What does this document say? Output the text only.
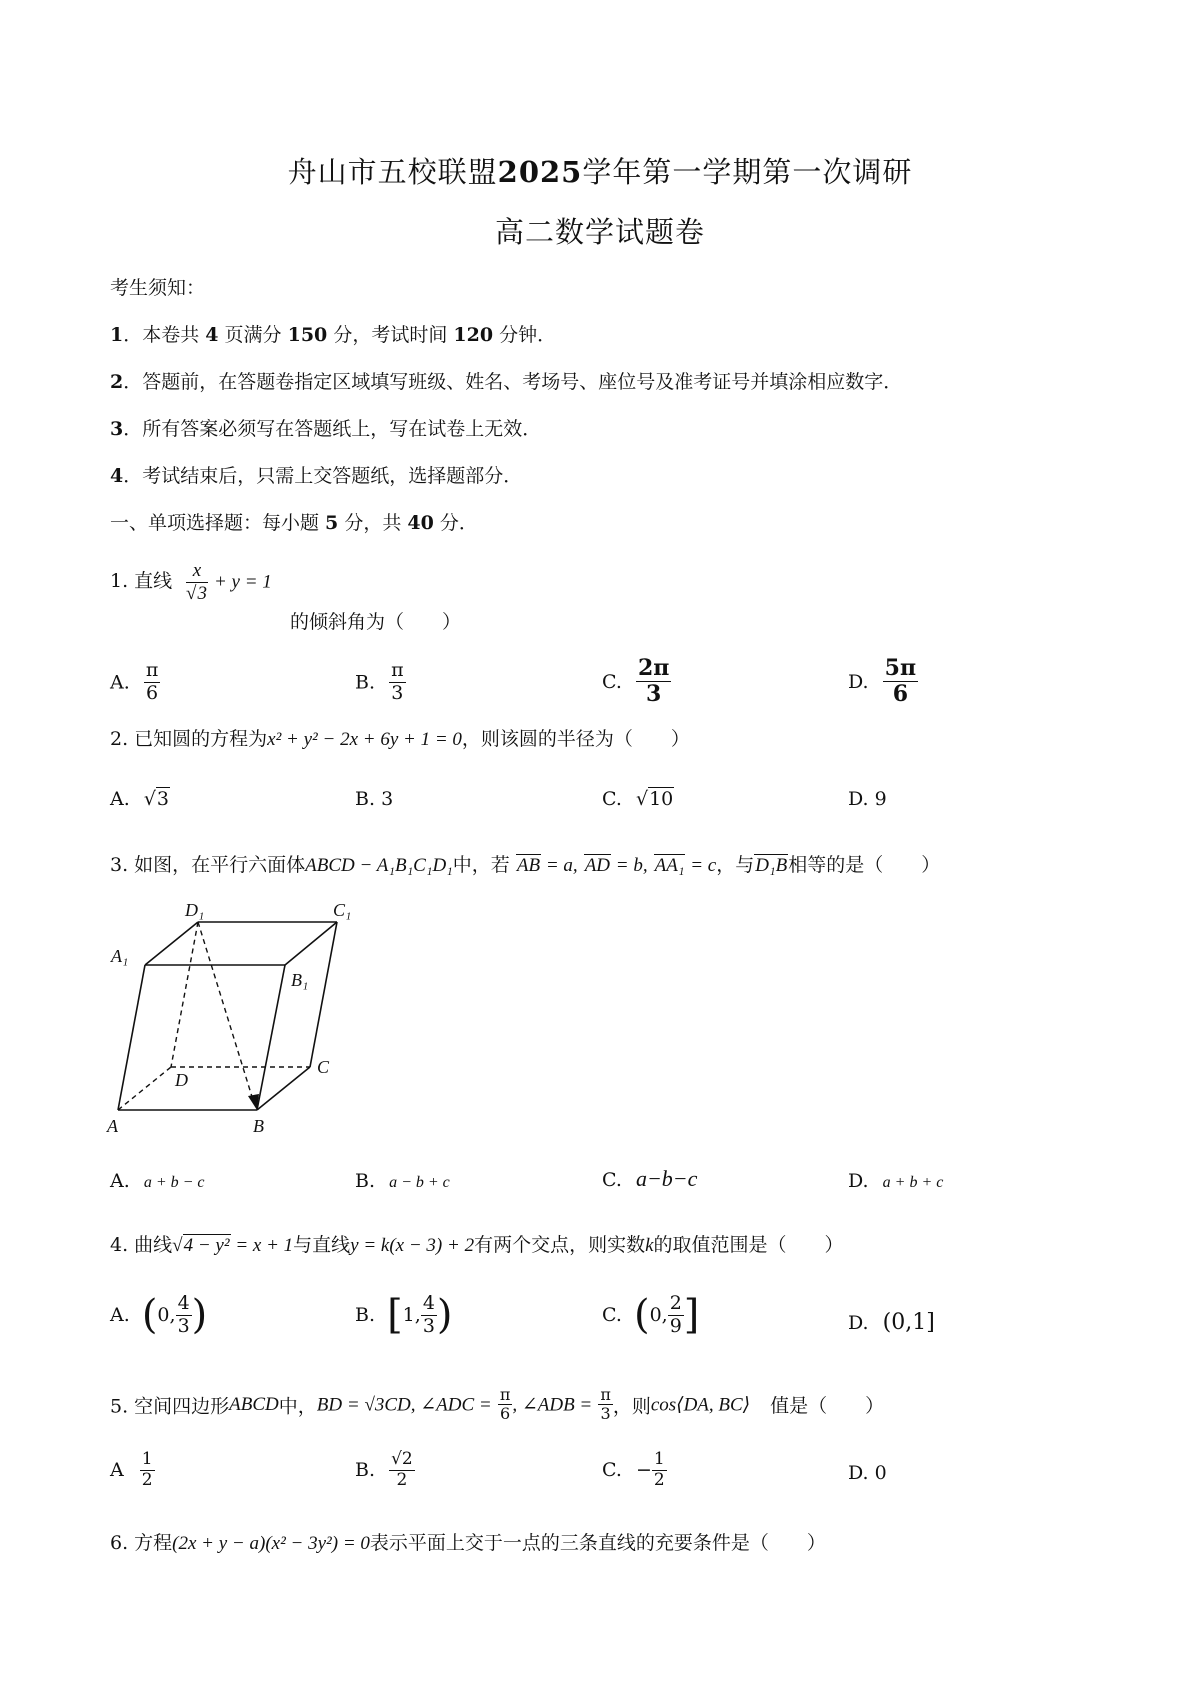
舟山市五校联盟2025学年第一学期第一次调研
高二数学试题卷
考生须知：
1．本卷共 4 页满分 150 分，考试时间 120 分钟．
2．答题前，在答题卷指定区域填写班级、姓名、考场号、座位号及准考证号并填涂相应数字．
3．所有答案必须写在答题纸上，写在试卷上无效．
4．考试结束后，只需上交答题纸，选择题部分．
一、单项选择题：每小题 5 分，共 40 分．
1. 直线 $\frac{x}{√3} + y = 1$
的倾斜角为（　　）
A. $\frac{\pi}{6}$	B. $\frac{\pi}{3}$	C. $\frac{2\pi}{3}$	D. $\frac{5\pi}{6}$
2. 已知圆的方程为x² + y² − 2x + 6y + 1 = 0，则该圆的半径为（　　）
A. √3	B. 3	C. √10	D. 9
3. 如图，在平行六面体ABCD − A₁B₁C₁D₁中，若 AB = a, AD = b, AA₁ = c，与D₁B相等的是（　　）
D₁	C₁
A₁
B₁
D
C
A	B
A. a + b − c	B. a − b + c	C. a−b−c	D. a + b + c
4. 曲线√4 − y² = x + 1与直线y = k(x − 3) + 2有两个交点，则实数k的取值范围是（　　）
A. (0, $\frac{4}{3}$ )	B. [1, $\frac{4}{3}$ )	C. (0, $\frac{2}{9}$ ]	D. (0,1]
5. 空间四边形ABCD中，BD = √3CD, ∠ADC = $\frac{\pi}{6}$ , ∠ADB = $\frac{\pi}{3}$ ，则cos⟨DA, BC⟩ 值是（　　）
A $\frac{1}{2}$	B. $\frac{√2}{2}$	C. − $\frac{1}{2}$	D. 0
6. 方程(2x + y − a)(x² − 3y²) = 0表示平面上交于一点的三条直线的充要条件是（　　）
